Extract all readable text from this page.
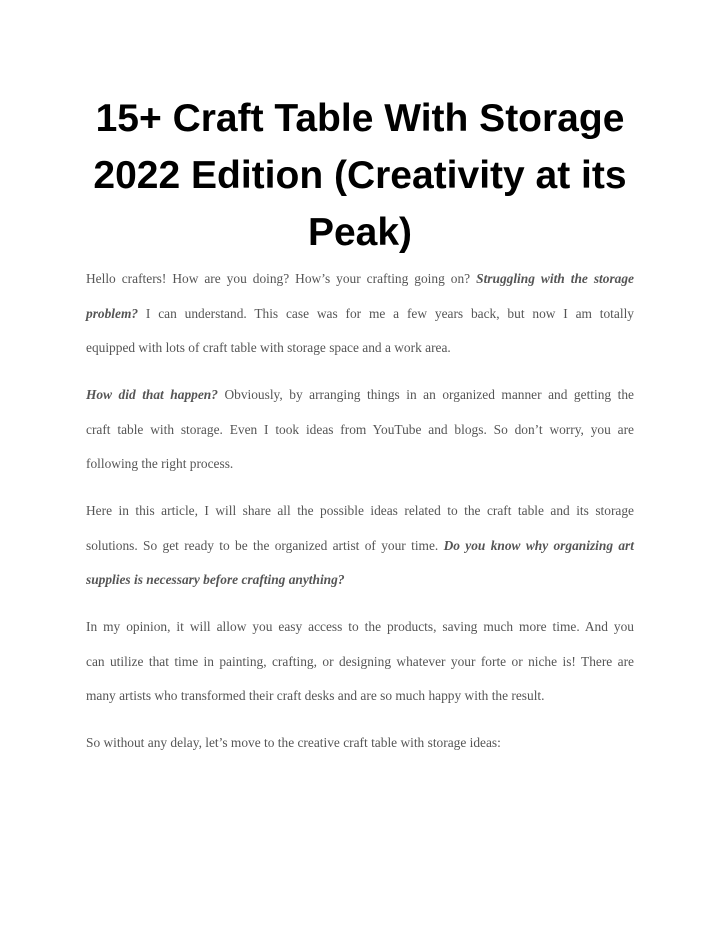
15+ Craft Table With Storage
2022 Edition (Creativity at its
Peak)

Hello crafters! How are you doing? How’s your crafting going on? Struggling with the storage
problem? I can understand. This case was for me a few years back, but now I am totally
equipped with lots of craft table with storage space and a work area.

How did that happen? Obviously, by arranging things in an organized manner and getting the
craft table with storage. Even I took ideas from YouTube and blogs. So don’t worry, you are
following the right process.

Here in this article, I will share all the possible ideas related to the craft table and its storage
solutions. So get ready to be the organized artist of your time. Do you know why organizing art
supplies is necessary before crafting anything?

In my opinion, it will allow you easy access to the products, saving much more time. And you
can utilize that time in painting, crafting, or designing whatever your forte or niche is! There are
many artists who transformed their craft desks and are so much happy with the result.

So without any delay, let’s move to the creative craft table with storage ideas:
